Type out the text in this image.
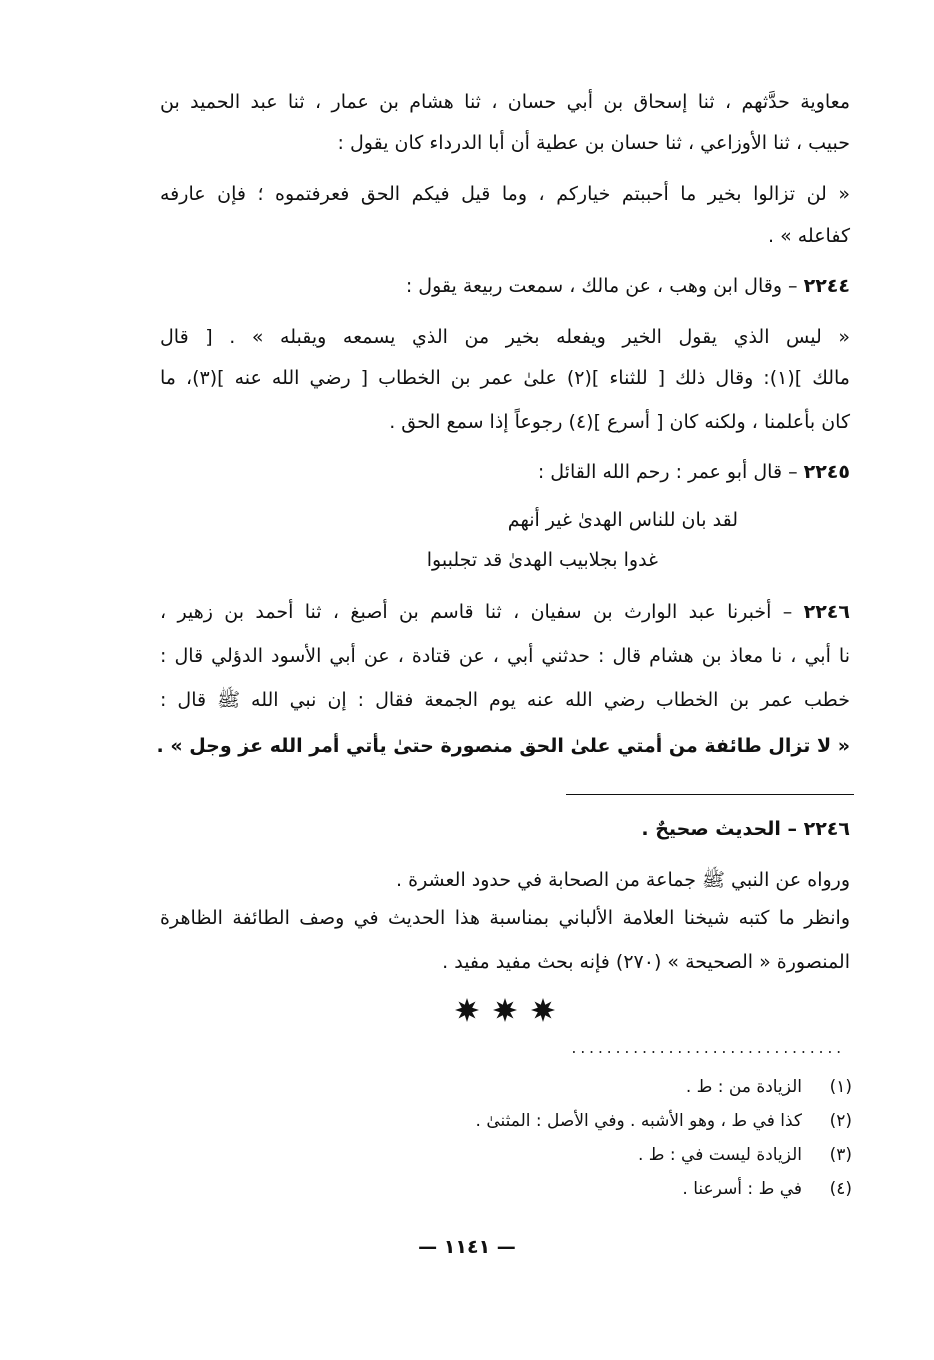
معاوية حدَّثهم ، ثنا إسحاق بن أبي حسان ، ثنا هشام بن عمار ، ثنا عبد الحميد بن
حبيب ، ثنا الأوزاعي ، ثنا حسان بن عطية أن أبا الدرداء كان يقول :
« لن تزالوا بخير ما أحببتم خياركم ، وما قيل فيكم الحق فعرفتموه ؛ فإن عارفه
كفاعله » .
٢٢٤٤ – وقال ابن وهب ، عن مالك ، سمعت ربيعة يقول :
« ليس الذي يقول الخير ويفعله بخير من الذي يسمعه ويقبله » . [ قال
مالك ](١): وقال ذلك [ للثناء ](٢) علىٰ عمر بن الخطاب [ رضي الله عنه ](٣)، ما
كان بأعلمنا ، ولكنه كان [ أسرع ](٤) رجوعاً إذا سمع الحق .
٢٢٤٥ – قال أبو عمر : رحم الله القائل :
لقد بان للناس الهدىٰ غير أنهم
غدوا بجلابيب الهدىٰ قد تجلببوا
٢٢٤٦ – أخبرنا عبد الوارث بن سفيان ، ثنا قاسم بن أصبغ ، ثنا أحمد بن زهير ،
نا أبي ، نا معاذ بن هشام قال : حدثني أبي ، عن قتادة ، عن أبي الأسود الدؤلي قال :
خطب عمر بن الخطاب رضي الله عنه يوم الجمعة فقال : إن نبي الله ﷺ قال :
« لا تزال طائفة من أمتي علىٰ الحق منصورة حتىٰ يأتي أمر الله عز وجل » .
٢٢٤٦ – الحديث صحيحٌ .
ورواه عن النبي ﷺ جماعة من الصحابة في حدود العشرة .
وانظر ما كتبه شيخنا العلامة الألباني بمناسبة هذا الحديث في وصف الطائفة الظاهرة
المنصورة « الصحيحة » (٢٧٠) فإنه بحث مفيد مفيد .
...............................
(١)الزيادة من : ط .
(٢)كذا في ط ، وهو الأشبه . وفي الأصل : المثنىٰ .
(٣)الزيادة ليست في : ط .
(٤)في ط : أسرعنا .
— ١١٤١ —
